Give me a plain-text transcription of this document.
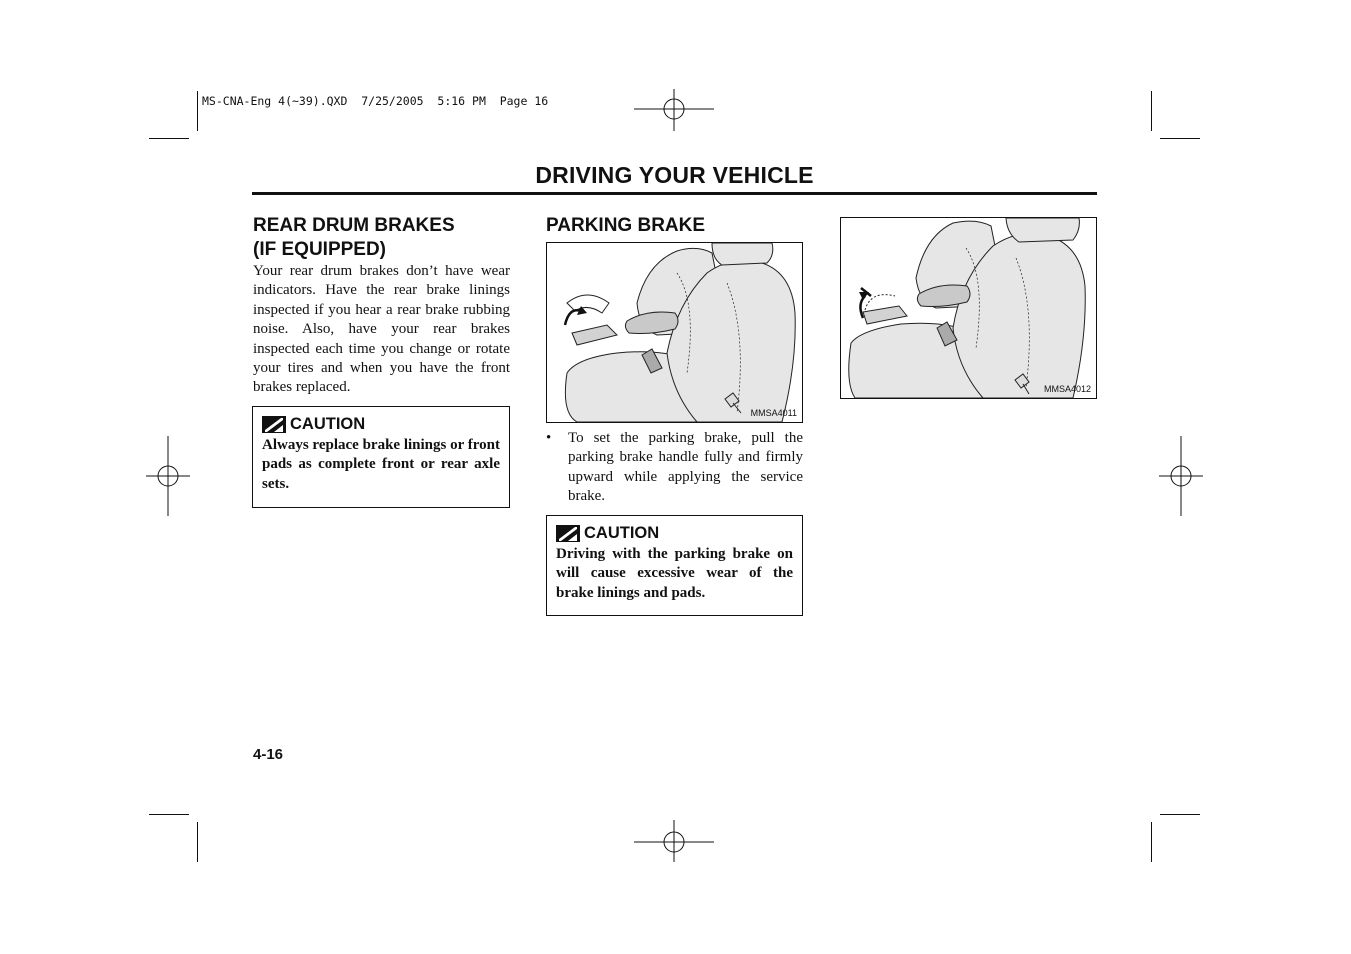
MS-CNA-Eng 4(~39).QXD  7/25/2005  5:16 PM  Page 16
DRIVING YOUR VEHICLE
REAR DRUM BRAKES
(IF EQUIPPED)
Your rear drum brakes don’t have wear indicators. Have the rear brake linings inspected if you hear a rear brake rubbing noise. Also, have your rear brakes inspected each time you change or rotate your tires and when you have the front brakes replaced.
CAUTION
Always replace brake linings or front pads as complete front or rear axle sets.
PARKING BRAKE
MMSA4011
•	To set the parking brake, pull the parking brake handle fully and firmly upward while applying the service brake.
CAUTION
Driving with the parking brake on will cause excessive wear of the brake linings and pads.
MMSA4012
4-16
